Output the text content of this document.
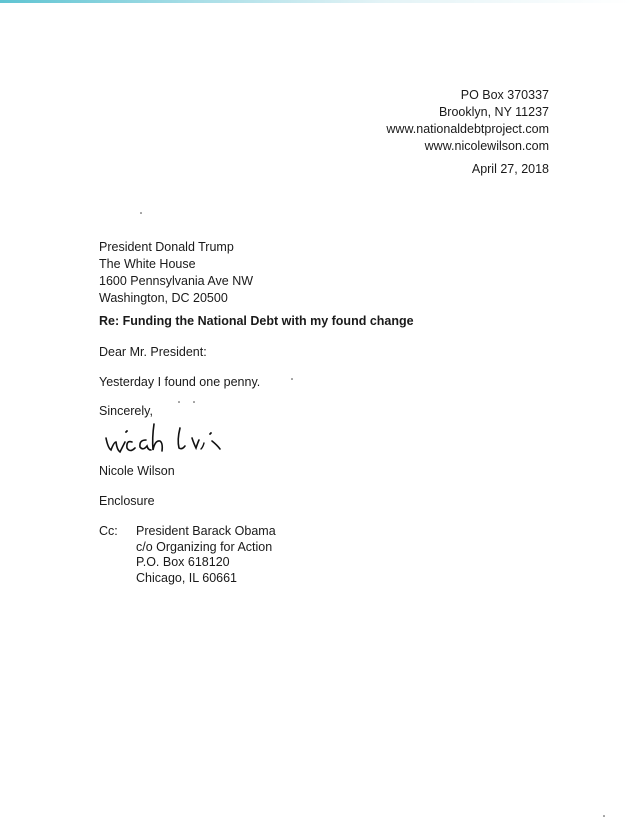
PO Box 370337
Brooklyn, NY 11237
www.nationaldebtproject.com
www.nicolewilson.com
April 27, 2018
President Donald Trump
The White House
1600 Pennsylvania Ave NW
Washington, DC 20500
Re: Funding the National Debt with my found change
Dear Mr. President:
Yesterday I found one penny.
Sincerely,
Nicole Wilson
Enclosure
Cc: President Barack Obama
c/o Organizing for Action
P.O. Box 618120
Chicago, IL 60661
